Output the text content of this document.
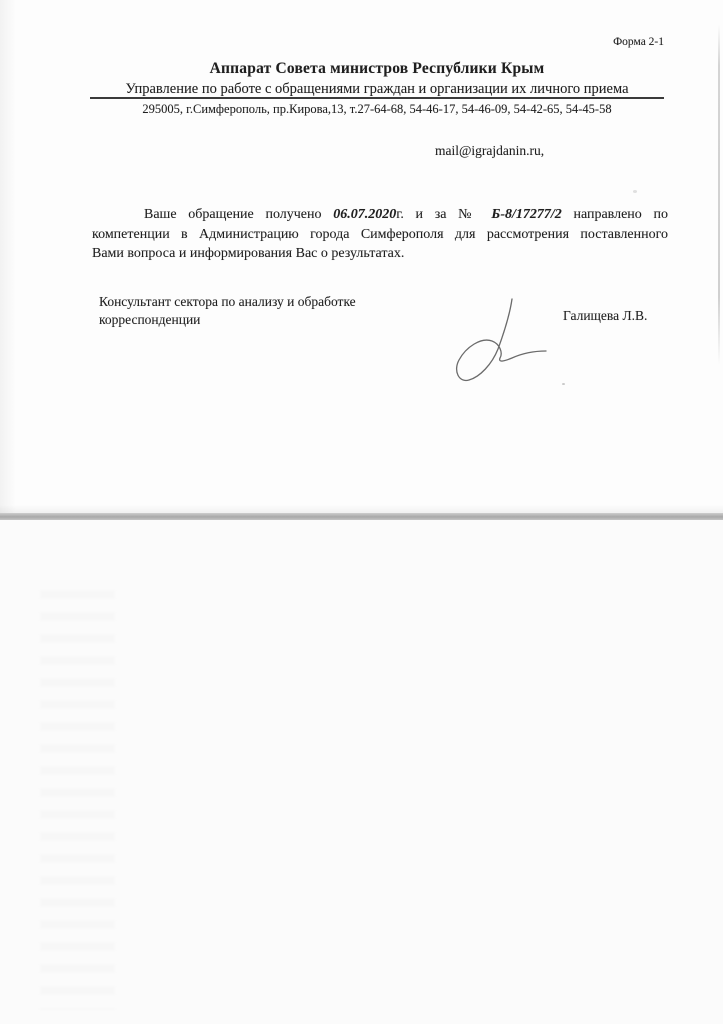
Форма 2-1
Аппарат Совета министров Республики Крым
Управление по работе с обращениями граждан и организации их личного приема
295005, г.Симферополь, пр.Кирова,13, т.27-64-68, 54-46-17, 54-46-09, 54-42-65, 54-45-58
mail@igrajdanin.ru,
Ваше обращение получено 06.07.2020г. и за № Б-8/17277/2 направлено по
компетенции в Администрацию города Симферополя для рассмотрения поставленного
Вами вопроса и информирования Вас о результатах.
Консультант сектора по анализу и обработке
корреспонденции	Галищева Л.В.
